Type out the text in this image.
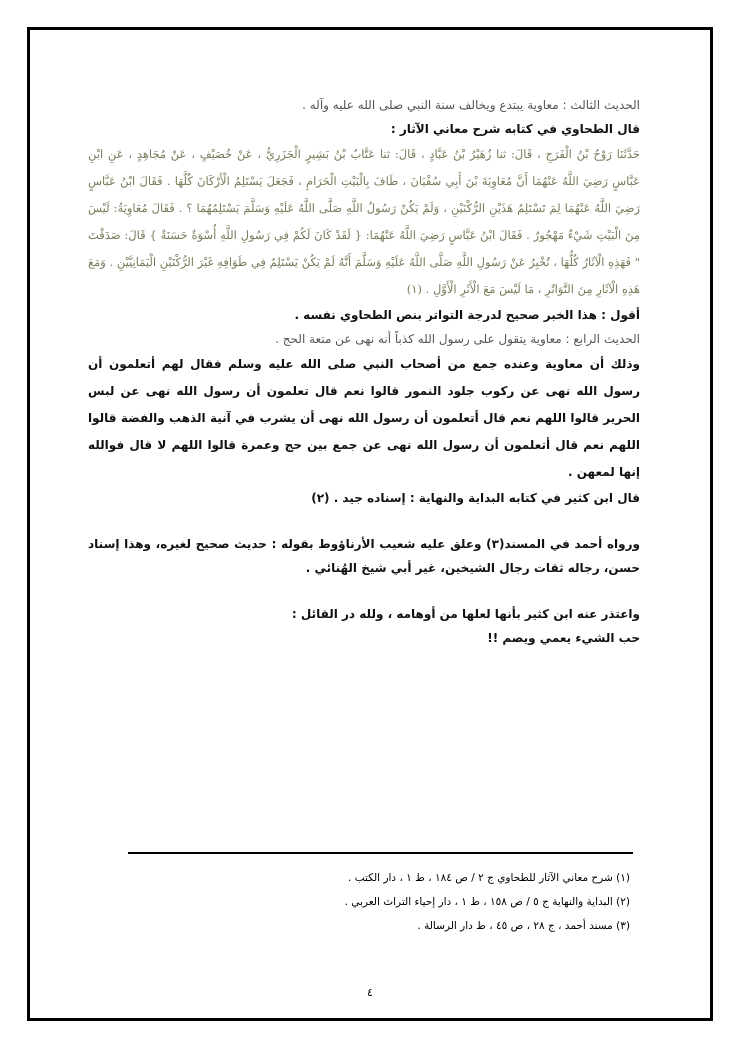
الحديث الثالث : معاوية يبتدع ويخالف سنة النبي صلى الله عليه وآله .

قال الطحاوي في كتابه شرح معاني الآثار :

حَدَّثَنَا رَوْحُ بْنُ الْفَرَجِ ، قَالَ: ثنا زُهَيْرُ بْنُ عَبَّادٍ ، قَالَ: ثنا عَتَّابُ بْنُ بَشِيرٍ الْجَزَرِيُّ ، عَنْ خُصَيْفٍ ، عَنْ مُجَاهِدٍ ، عَنِ ابْنِ عَبَّاسٍ رَضِيَ اللَّهُ عَنْهُمَا أَنَّ مُعَاوِيَةَ بْنَ أَبِي سُفْيَانَ ، طَافَ بِالْبَيْتِ الْحَرَامِ ، فَجَعَلَ يَسْتَلِمُ الْأَرْكَانَ كُلَّهَا . فَقَالَ ابْنُ عَبَّاسٍ رَضِيَ اللَّهُ عَنْهُمَا لِمَ تَسْتَلِمُ هَذَيْنِ الرُّكْنَيْنِ ، وَلَمْ يَكُنْ رَسُولُ اللَّهِ صَلَّى اللَّهُ عَلَيْهِ وَسَلَّمَ يَسْتَلِمُهُمَا ؟ . فَقَالَ مُعَاوِيَةُ: لَيْسَ مِنَ الْبَيْتِ شَيْءٌ مَهْجُورٌ . فَقَالَ ابْنُ عَبَّاسٍ رَضِيَ اللَّهُ عَنْهُمَا: { لَقَدْ كَانَ لَكُمْ فِي رَسُولِ اللَّهِ أُسْوَةٌ حَسَنَةٌ } قَالَ: صَدَقْتَ " فَهَذِهِ الْآثَارُ كُلُّهَا ، تُخْبِرُ عَنْ رَسُولِ اللَّهِ صَلَّى اللَّهُ عَلَيْهِ وَسَلَّمَ أَنَّهُ لَمْ يَكُنْ يَسْتَلِمُ فِي طَوَافِهِ غَيْرَ الرُّكْنَيْنِ الْيَمَانِيَّيْنِ . وَمَعَ هَذِهِ الْآثَارِ مِنَ التَّوَاتُرِ ، مَا لَيْسَ مَعَ الْأَثَرِ الْأَوَّلِ . (١)

أقول : هذا الخبر صحيح لدرجة التواتر بنص الطحاوي نفسه .

الحديث الرابع : معاوية يتقول على رسول الله كذباً أنه نهى عن متعة الحج .

وذلك أن معاوية وعنده جمع من أصحاب النبي صلى الله عليه وسلم فقال لهم أتعلمون أن رسول الله نهى عن ركوب جلود النمور قالوا نعم قال تعلمون أن رسول الله نهى عن لبس الحرير قالوا اللهم نعم قال أتعلمون أن رسول الله نهى أن يشرب في آنية الذهب والفضة قالوا اللهم نعم قال أتعلمون أن رسول الله نهى عن جمع بين حج وعمرة قالوا اللهم لا قال فوالله إنها لمعهن .

قال ابن كثير في كتابه البداية والنهاية : إسناده جيد . (٢)

ورواه أحمد في المسند(٣) وعلق عليه شعيب الأرناؤوط بقوله : حديث صحيح لغيره، وهذا إسناد حسن، رجاله ثقات رجال الشيخين، غير أبي شيخ الهُنائي .

واعتذر عنه ابن كثير بأنها لعلها من أوهامه ، ولله در القائل :

حب الشيء يعمي ويصم !!

(١) شرح معاني الآثار للطحاوي ج ٢ / ص ١٨٤ ، ط ١ ، دار الكتب .

(٢) البداية والنهاية ج ٥ / ص ١٥٨ ، ط ١ ، دار إحياء التراث العربي .

(٣) مسند أحمد ، ج ٢٨ ، ص ٤٥ ، ط دار الرسالة .

٤
